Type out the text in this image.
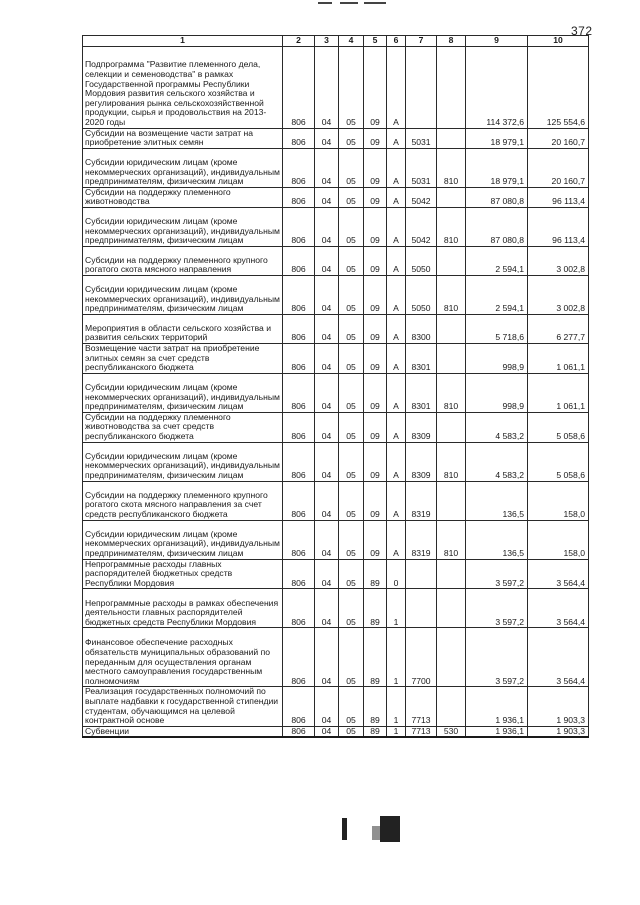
372
1	2	3	4	5	6	7	8	9	10
Подпрограмма "Развитие племенного дела, селекции и семеноводства" в рамках Государственной программы Республики Мордовия развития сельского хозяйства и регулирования рынка сельскохозяйственной продукции, сырья и продовольствия на 2013-2020 годы	806	04	05	09	А			114 372,6	125 554,6
Субсидии на возмещение части затрат на приобретение элитных семян	806	04	05	09	А	5031		18 979,1	20 160,7
Субсидии юридическим лицам (кроме некоммерческих организаций), индивидуальным предпринимателям, физическим лицам	806	04	05	09	А	5031	810	18 979,1	20 160,7
Субсидии на поддержку племенного животноводства	806	04	05	09	А	5042		87 080,8	96 113,4
Субсидии юридическим лицам (кроме некоммерческих организаций), индивидуальным предпринимателям, физическим лицам	806	04	05	09	А	5042	810	87 080,8	96 113,4
Субсидии на поддержку племенного крупного рогатого скота мясного направления	806	04	05	09	А	5050		2 594,1	3 002,8
Субсидии юридическим лицам (кроме некоммерческих организаций), индивидуальным предпринимателям, физическим лицам	806	04	05	09	А	5050	810	2 594,1	3 002,8
Мероприятия в области сельского хозяйства и развития сельских территорий	806	04	05	09	А	8300		5 718,6	6 277,7
Возмещение части затрат на приобретение элитных семян за счет средств республиканского бюджета	806	04	05	09	А	8301		998,9	1 061,1
Субсидии юридическим лицам (кроме некоммерческих организаций), индивидуальным предпринимателям, физическим лицам	806	04	05	09	А	8301	810	998,9	1 061,1
Субсидии на поддержку племенного животноводства за счет средств республиканского бюджета	806	04	05	09	А	8309		4 583,2	5 058,6
Субсидии юридическим лицам (кроме некоммерческих организаций), индивидуальным предпринимателям, физическим лицам	806	04	05	09	А	8309	810	4 583,2	5 058,6
Субсидии на поддержку племенного крупного рогатого скота мясного направления за счет средств республиканского бюджета	806	04	05	09	А	8319		136,5	158,0
Субсидии юридическим лицам (кроме некоммерческих организаций), индивидуальным предпринимателям, физическим лицам	806	04	05	09	А	8319	810	136,5	158,0
Непрограммные расходы главных распорядителей бюджетных средств Республики Мордовия	806	04	05	89	0			3 597,2	3 564,4
Непрограммные расходы в рамках обеспечения деятельности главных распорядителей бюджетных средств Республики Мордовия	806	04	05	89	1			3 597,2	3 564,4
Финансовое обеспечение расходных обязательств муниципальных образований по переданным для осуществления органам местного самоуправления государственным полномочиям	806	04	05	89	1	7700		3 597,2	3 564,4
Реализация государственных полномочий по выплате надбавки к государственной стипендии студентам, обучающимся на целевой контрактной основе	806	04	05	89	1	7713		1 936,1	1 903,3
Субвенции	806	04	05	89	1	7713	530	1 936,1	1 903,3
